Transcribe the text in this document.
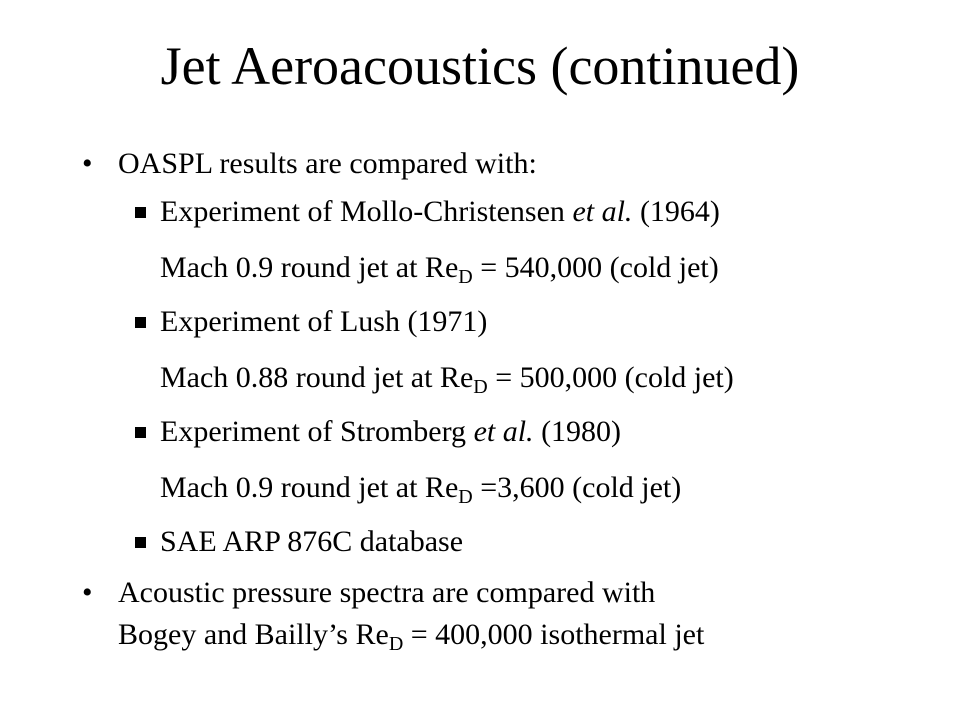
Jet Aeroacoustics (continued)
• OASPL results are compared with:
Experiment of Mollo-Christensen et al. (1964)
Mach 0.9 round jet at $Re_D = 540,000$ (cold jet)
Experiment of Lush (1971)
Mach 0.88 round jet at $Re_D = 500,000$ (cold jet)
Experiment of Stromberg et al. (1980)
Mach 0.9 round jet at $Re_D =3,600$ (cold jet)
SAE ARP 876C database
• Acoustic pressure spectra are compared with
Bogey and Bailly’s $Re_D = 400,000$ isothermal jet
